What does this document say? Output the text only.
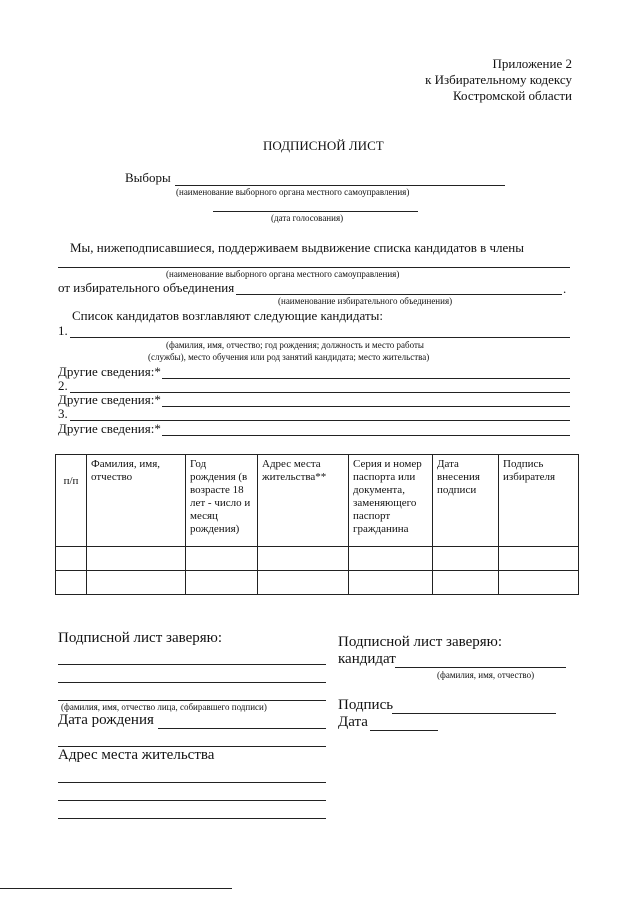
Приложение 2
к Избирательному кодексу
Костромской области
ПОДПИСНОЙ ЛИСТ
Выборы
(наименование выборного органа местного самоуправления)
(дата голосования)
Мы, нижеподписавшиеся, поддерживаем выдвижение списка кандидатов в члены
(наименование выборного органа местного самоуправления)
от избирательного объединения	.
(наименование избирательного объединения)
Список кандидатов возглавляют следующие кандидаты:
1.
(фамилия, имя, отчество; год рождения; должность и место работы
(службы), место обучения или род занятий кандидата; место жительства)
Другие сведения:*
2.
Другие сведения:*
3.
Другие сведения:*
п/п	Фамилия, имя, отчество	Год рождения (в возрасте 18 лет - число и месяц рождения)	Адрес места жительства**	Серия и номер паспорта или документа, заменяющего паспорт гражданина	Дата внесения подписи	Подпись избирателя

Подписной лист заверяю:
(фамилия, имя, отчество лица, собиравшего подписи)
Дата рождения
Адрес места жительства
Подписной лист заверяю:
кандидат
(фамилия, имя, отчество)
Подпись
Дата
